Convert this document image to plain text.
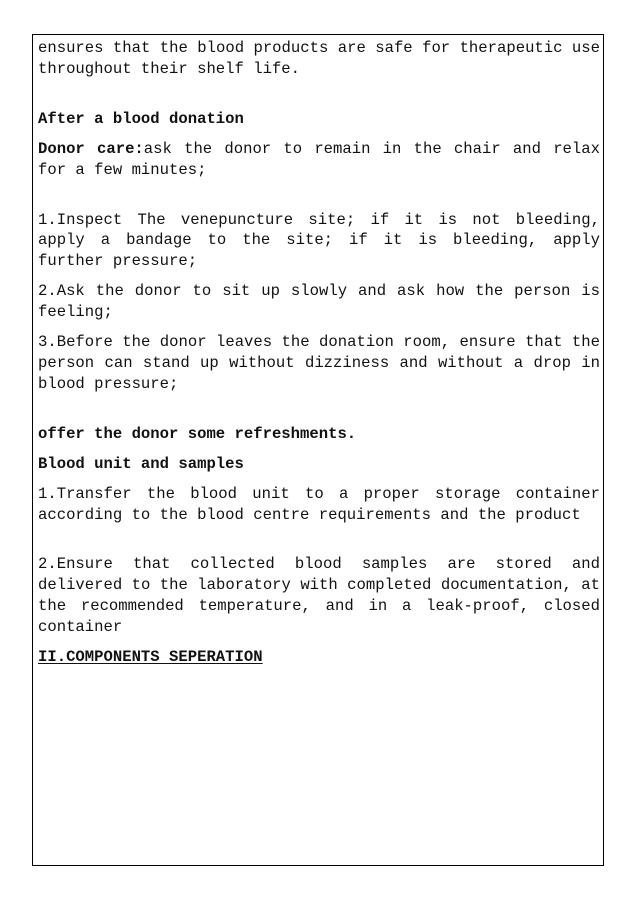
ensures that the blood products are safe for therapeutic use throughout their shelf life.

After a blood donation

Donor care:ask the donor to remain in the chair and relax for a few minutes;

1.Inspect The venepuncture site; if it is not bleeding, apply a bandage to the site; if it is bleeding, apply further pressure;

2.Ask the donor to sit up slowly and ask how the person is feeling;

3.Before the donor leaves the donation room, ensure that the person can stand up without dizziness and without a drop in blood pressure;

offer the donor some refreshments.

Blood unit and samples

1.Transfer the blood unit to a proper storage container according to the blood centre requirements and the product

2.Ensure that collected blood samples are stored and delivered to the laboratory with completed documentation, at the recommended temperature, and in a leak-proof, closed container

II.COMPONENTS SEPERATION
